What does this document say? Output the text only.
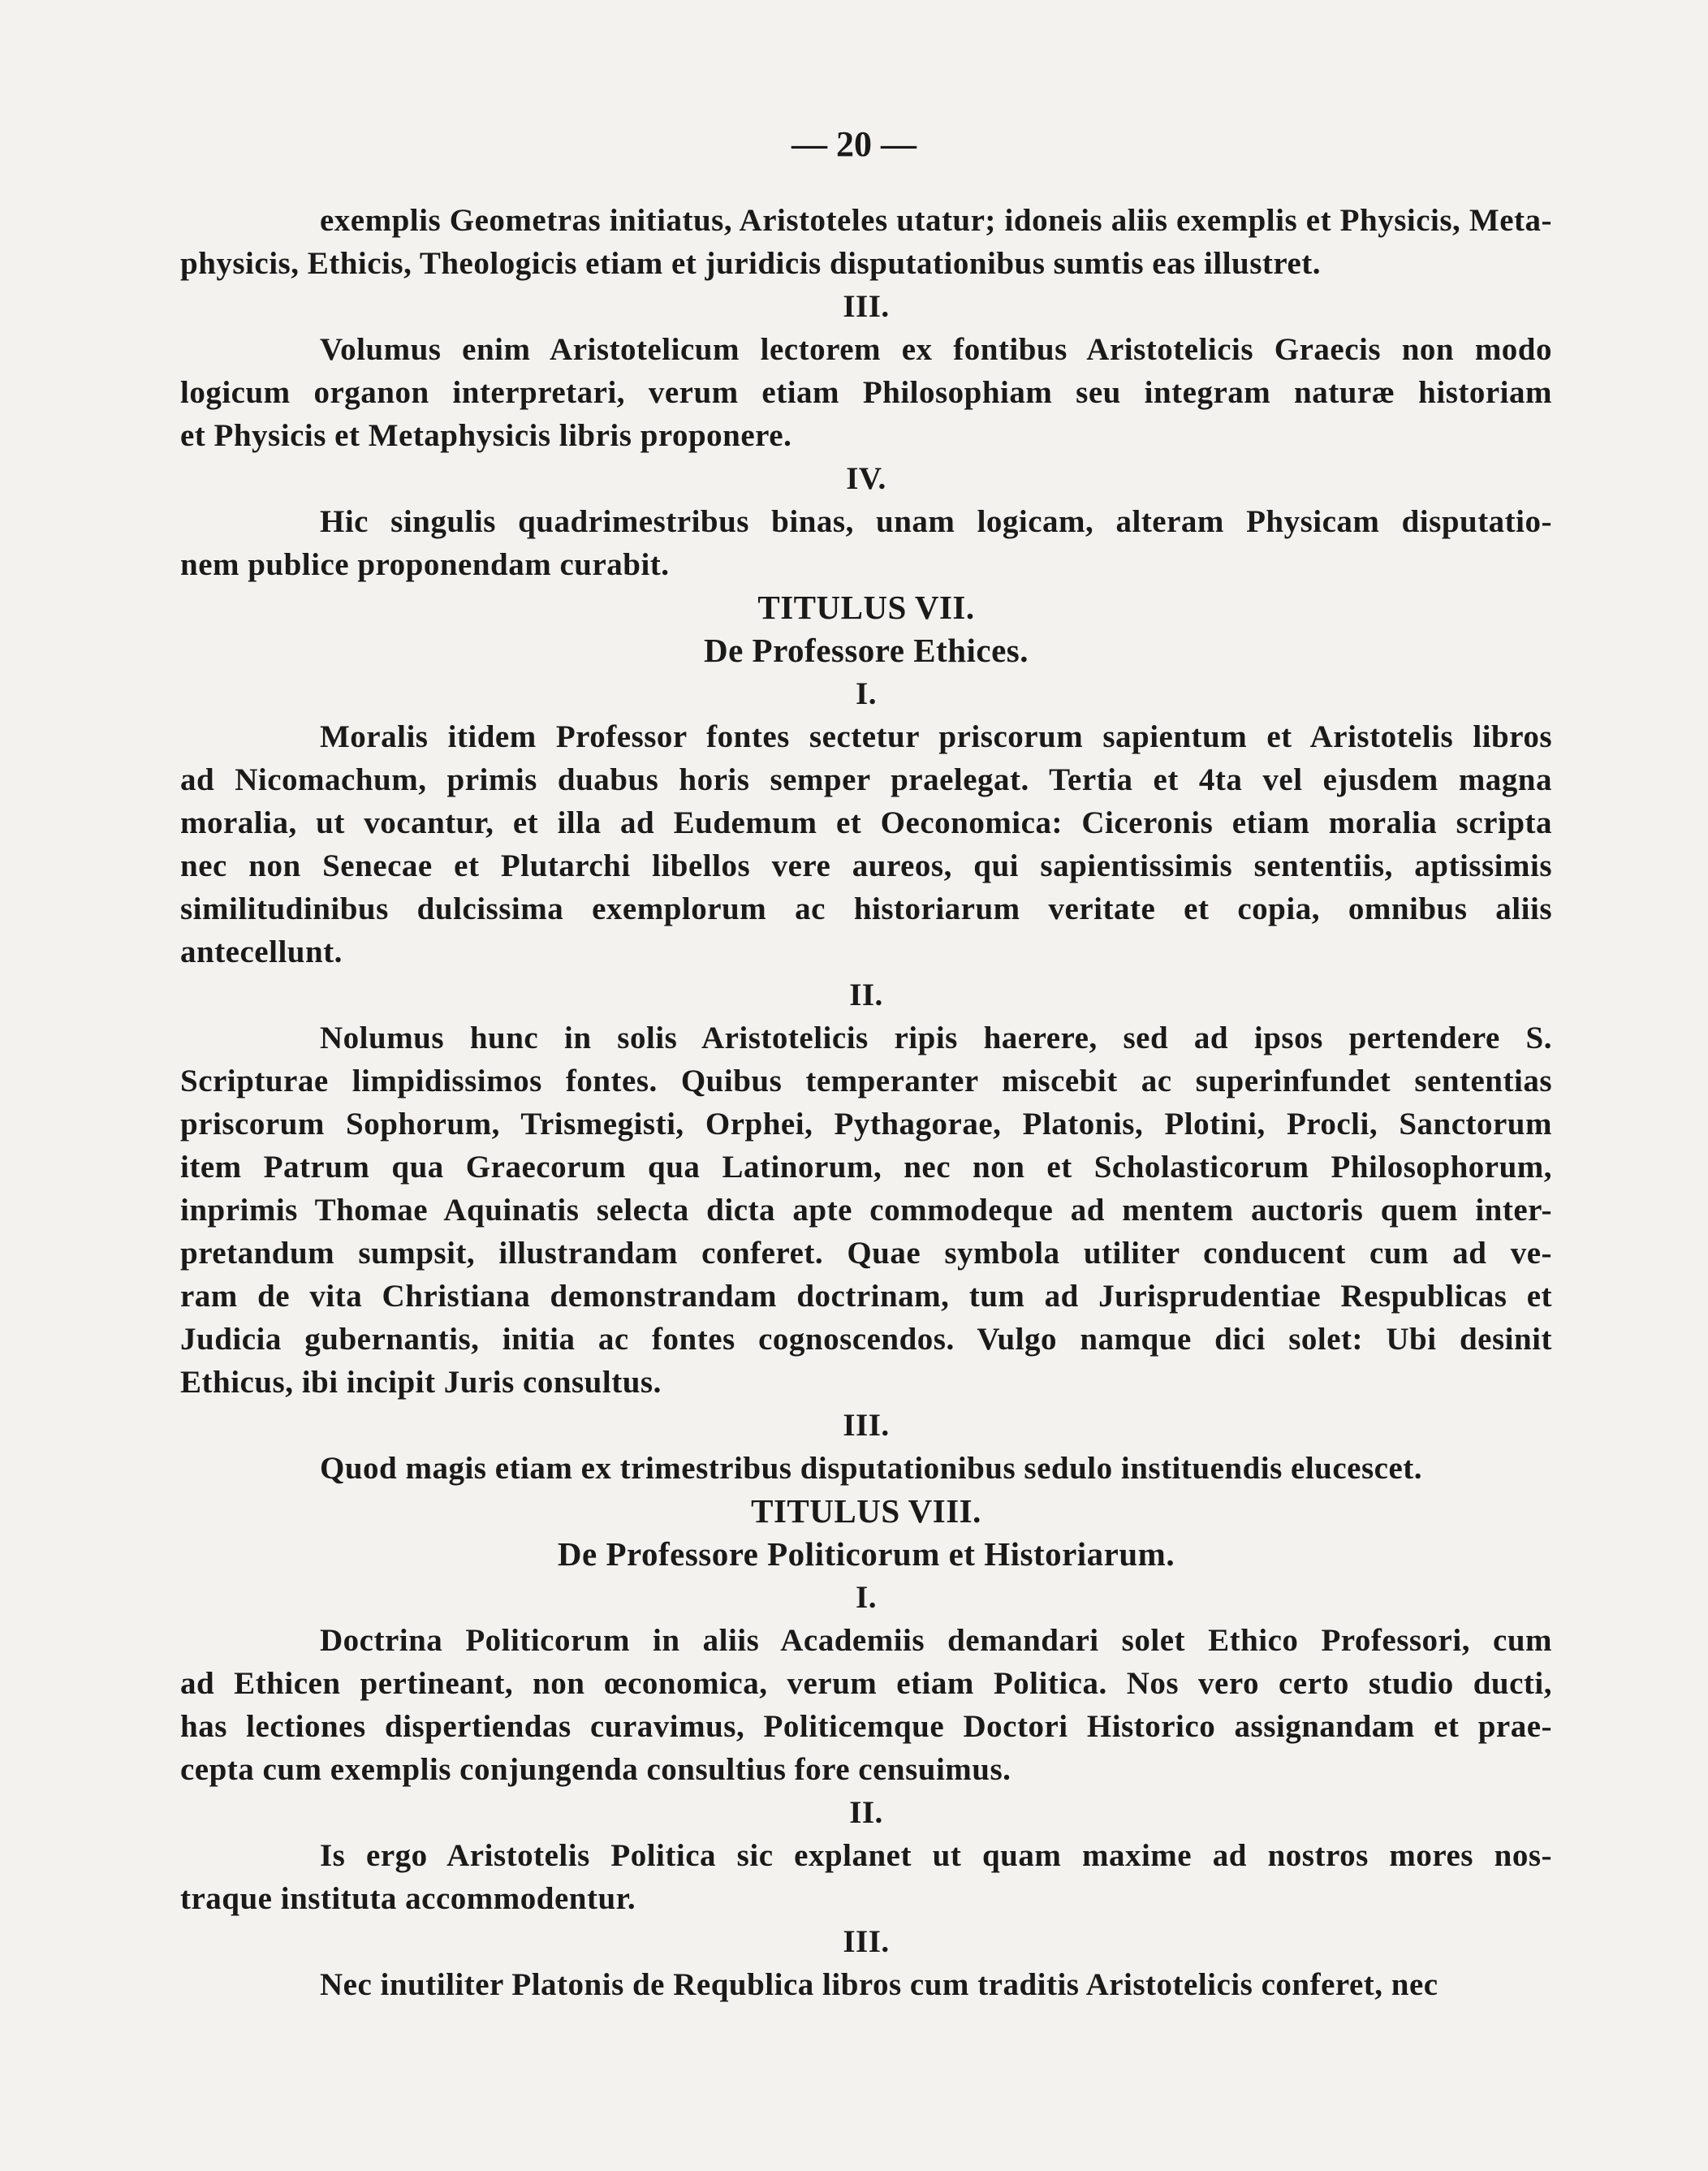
— 20 —
exemplis Geometras initiatus, Aristoteles utatur; idoneis aliis exemplis et Physicis, Meta-
physicis, Ethicis, Theologicis etiam et juridicis disputationibus sumtis eas illustret.
III.
Volumus enim Aristotelicum lectorem ex fontibus Aristotelicis Graecis non modo
logicum organon interpretari, verum etiam Philosophiam seu integram naturæ historiam
et Physicis et Metaphysicis libris proponere.
IV.
Hic singulis quadrimestribus binas, unam logicam, alteram Physicam disputatio-
nem publice proponendam curabit.
TITULUS VII.
De Professore Ethices.
I.
Moralis itidem Professor fontes sectetur priscorum sapientum et Aristotelis libros
ad Nicomachum, primis duabus horis semper praelegat. Tertia et 4ta vel ejusdem magna
moralia, ut vocantur, et illa ad Eudemum et Oeconomica: Ciceronis etiam moralia scripta
nec non Senecae et Plutarchi libellos vere aureos, qui sapientissimis sententiis, aptissimis
similitudinibus dulcissima exemplorum ac historiarum veritate et copia, omnibus aliis
antecellunt.
II.
Nolumus hunc in solis Aristotelicis ripis haerere, sed ad ipsos pertendere S.
Scripturae limpidissimos fontes. Quibus temperanter miscebit ac superinfundet sententias
priscorum Sophorum, Trismegisti, Orphei, Pythagorae, Platonis, Plotini, Procli, Sanctorum
item Patrum qua Graecorum qua Latinorum, nec non et Scholasticorum Philosophorum,
inprimis Thomae Aquinatis selecta dicta apte commodeque ad mentem auctoris quem inter-
pretandum sumpsit, illustrandam conferet. Quae symbola utiliter conducent cum ad ve-
ram de vita Christiana demonstrandam doctrinam, tum ad Jurisprudentiae Respublicas et
Judicia gubernantis, initia ac fontes cognoscendos. Vulgo namque dici solet: Ubi desinit
Ethicus, ibi incipit Juris consultus.
III.
Quod magis etiam ex trimestribus disputationibus sedulo instituendis elucescet.
TITULUS VIII.
De Professore Politicorum et Historiarum.
I.
Doctrina Politicorum in aliis Academiis demandari solet Ethico Professori, cum
ad Ethicen pertineant, non œconomica, verum etiam Politica. Nos vero certo studio ducti,
has lectiones dispertiendas curavimus, Politicemque Doctori Historico assignandam et prae-
cepta cum exemplis conjungenda consultius fore censuimus.
II.
Is ergo Aristotelis Politica sic explanet ut quam maxime ad nostros mores nos-
traque instituta accommodentur.
III.
Nec inutiliter Platonis de Requblica libros cum traditis Aristotelicis conferet, nec
